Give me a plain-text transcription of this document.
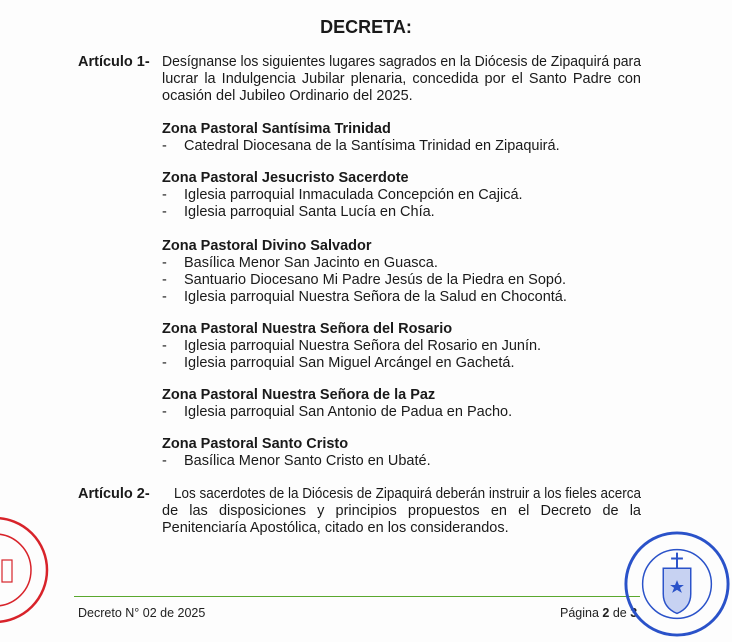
DECRETA:
Artículo 1- Desígnanse los siguientes lugares sagrados en la Diócesis de Zipaquirá para
lucrar la Indulgencia Jubilar plenaria, concedida por el Santo Padre con
ocasión del Jubileo Ordinario del 2025.
Zona Pastoral Santísima Trinidad
- Catedral Diocesana de la Santísima Trinidad en Zipaquirá.
Zona Pastoral Jesucristo Sacerdote
- Iglesia parroquial Inmaculada Concepción en Cajicá.
- Iglesia parroquial Santa Lucía en Chía.
Zona Pastoral Divino Salvador
- Basílica Menor San Jacinto en Guasca.
- Santuario Diocesano Mi Padre Jesús de la Piedra en Sopó.
- Iglesia parroquial Nuestra Señora de la Salud en Chocontá.
Zona Pastoral Nuestra Señora del Rosario
- Iglesia parroquial Nuestra Señora del Rosario en Junín.
- Iglesia parroquial San Miguel Arcángel en Gachetá.
Zona Pastoral Nuestra Señora de la Paz
- Iglesia parroquial San Antonio de Padua en Pacho.
Zona Pastoral Santo Cristo
- Basílica Menor Santo Cristo en Ubaté.
Artículo 2- Los sacerdotes de la Diócesis de Zipaquirá deberán instruir a los fieles acerca
de las disposiciones y principios propuestos en el Decreto de la
Penitenciaría Apostólica, citado en los considerandos.
Decreto N° 02 de 2025	Página 2 de 3
